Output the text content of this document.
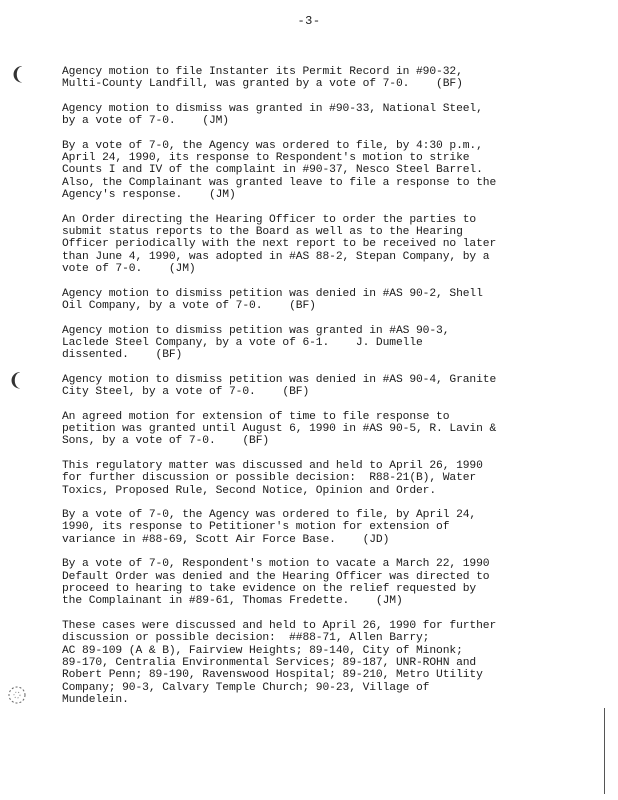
-3-
❨
❨

Agency motion to file Instanter its Permit Record in #90-32,
Multi-County Landfill, was granted by a vote of 7-0.    (BF)

Agency motion to dismiss was granted in #90-33, National Steel,
by a vote of 7-0.    (JM)

By a vote of 7-0, the Agency was ordered to file, by 4:30 p.m.,
April 24, 1990, its response to Respondent's motion to strike
Counts I and IV of the complaint in #90-37, Nesco Steel Barrel.
Also, the Complainant was granted leave to file a response to the
Agency's response.    (JM)

An Order directing the Hearing Officer to order the parties to
submit status reports to the Board as well as to the Hearing
Officer periodically with the next report to be received no later
than June 4, 1990, was adopted in #AS 88-2, Stepan Company, by a
vote of 7-0.    (JM)

Agency motion to dismiss petition was denied in #AS 90-2, Shell
Oil Company, by a vote of 7-0.    (BF)

Agency motion to dismiss petition was granted in #AS 90-3,
Laclede Steel Company, by a vote of 6-1.    J. Dumelle
dissented.    (BF)

Agency motion to dismiss petition was denied in #AS 90-4, Granite
City Steel, by a vote of 7-0.    (BF)

An agreed motion for extension of time to file response to
petition was granted until August 6, 1990 in #AS 90-5, R. Lavin &
Sons, by a vote of 7-0.    (BF)

This regulatory matter was discussed and held to April 26, 1990
for further discussion or possible decision:  R88-21(B), Water
Toxics, Proposed Rule, Second Notice, Opinion and Order.

By a vote of 7-0, the Agency was ordered to file, by April 24,
1990, its response to Petitioner's motion for extension of
variance in #88-69, Scott Air Force Base.    (JD)

By a vote of 7-0, Respondent's motion to vacate a March 22, 1990
Default Order was denied and the Hearing Officer was directed to
proceed to hearing to take evidence on the relief requested by
the Complainant in #89-61, Thomas Fredette.    (JM)

These cases were discussed and held to April 26, 1990 for further
discussion or possible decision:  ##88-71, Allen Barry;
AC 89-109 (A & B), Fairview Heights; 89-140, City of Minonk;
89-170, Centralia Environmental Services; 89-187, UNR-ROHN and
Robert Penn; 89-190, Ravenswood Hospital; 89-210, Metro Utility
Company; 90-3, Calvary Temple Church; 90-23, Village of
Mundelein.
